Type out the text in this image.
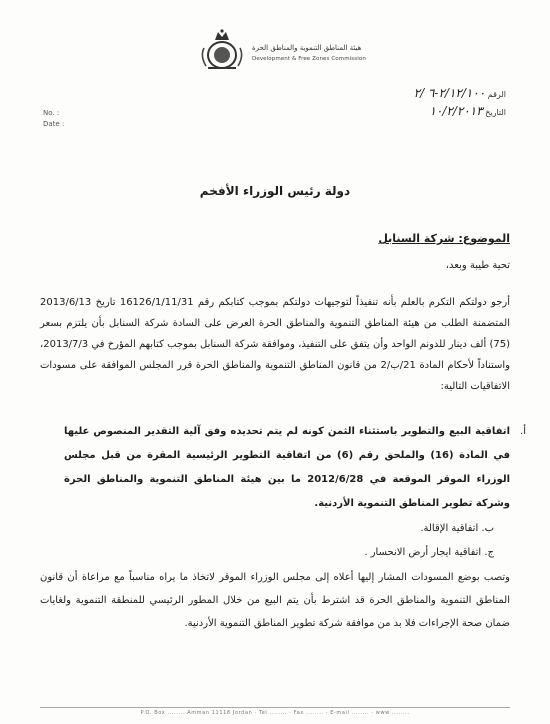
هيئة المناطق التنموية والمناطق الحرة
Development & Free Zones Commission
الرقم ٢/١٢/١٠٠-٦ /٢
التاريخ ١٠/٢/٢٠١٣
No. :
Date :
دولة رئيس الوزراء الأفخم
الموضوع: شركة السنابل
تحية طيبة وبعد،
أرجو دولتكم التكرم بالعلم بأنه تنفيذاً لتوجيهات دولتكم بموجب كتابكم رقم 16126/1/11/31 تاريخ 2013/6/13 المتضمنة الطلب من هيئة المناطق التنموية والمناطق الحرة العرض على السادة شركة السنابل بأن يلتزم بسعر (75) ألف دينار للدونم الواحد وأن يتفق على التنفيذ، وموافقة شركة السنابل بموجب كتابهم المؤرخ في 2013/7/3، واستناداً لأحكام المادة 21/ب/2 من قانون المناطق التنموية والمناطق الحرة قرر المجلس الموافقة على مسودات الاتفاقيات التالية:
أ.
اتفاقية البيع والتطوير باستثناء الثمن كونه لم يتم تحديده وفق آلية التقدير المنصوص عليها في المادة (16) والملحق رقم (6) من اتفاقية التطوير الرئيسية المقرة من قبل مجلس الوزراء الموقر الموقعة في 2012/6/28 ما بين هيئة المناطق التنموية والمناطق الحرة وشركة تطوير المناطق التنموية الأردنية.
ب. اتفاقية الإقالة.
ج. اتفاقية ايجار أرض الانحسار .
وتصب بوضع المسودات المشار إليها أعلاه إلى مجلس الوزراء الموقر لاتخاذ ما يراه مناسباً مع مراعاة أن قانون المناطق التنموية والمناطق الحرة قد اشترط بأن يتم البيع من خلال المطور الرئيسي للمنطقة التنموية ولغايات ضمان صحة الإجراءات فلا بد من موافقة شركة تطوير المناطق التنموية الأردنية.
P.O. Box ........ Amman 11118 Jordan · Tel ........ · Fax ........ · E-mail ........ · www ........
